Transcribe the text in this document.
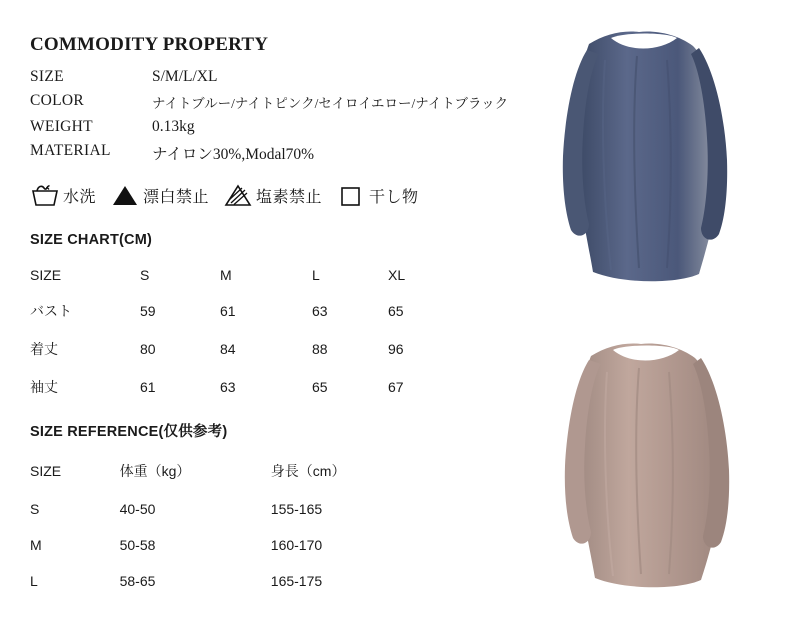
COMMODITY PROPERTY
SIZE	S/M/L/XL
COLOR	ナイトブルー/ナイトピンク/セイロイエロー/ナイトブラック
WEIGHT	0.13kg
MATERIAL	ナイロン30%,Modal70%
水洗	漂白禁止	塩素禁止	干し物
SIZE CHART(CM)
SIZE	S	M	L	XL
バスト	59	61	63	65
着丈	80	84	88	96
袖丈	61	63	65	67
SIZE REFERENCE(仅供参考)
SIZE	体重（kg）	身長（cm）
S	40-50	155-165
M	50-58	160-170
L	58-65	165-175
